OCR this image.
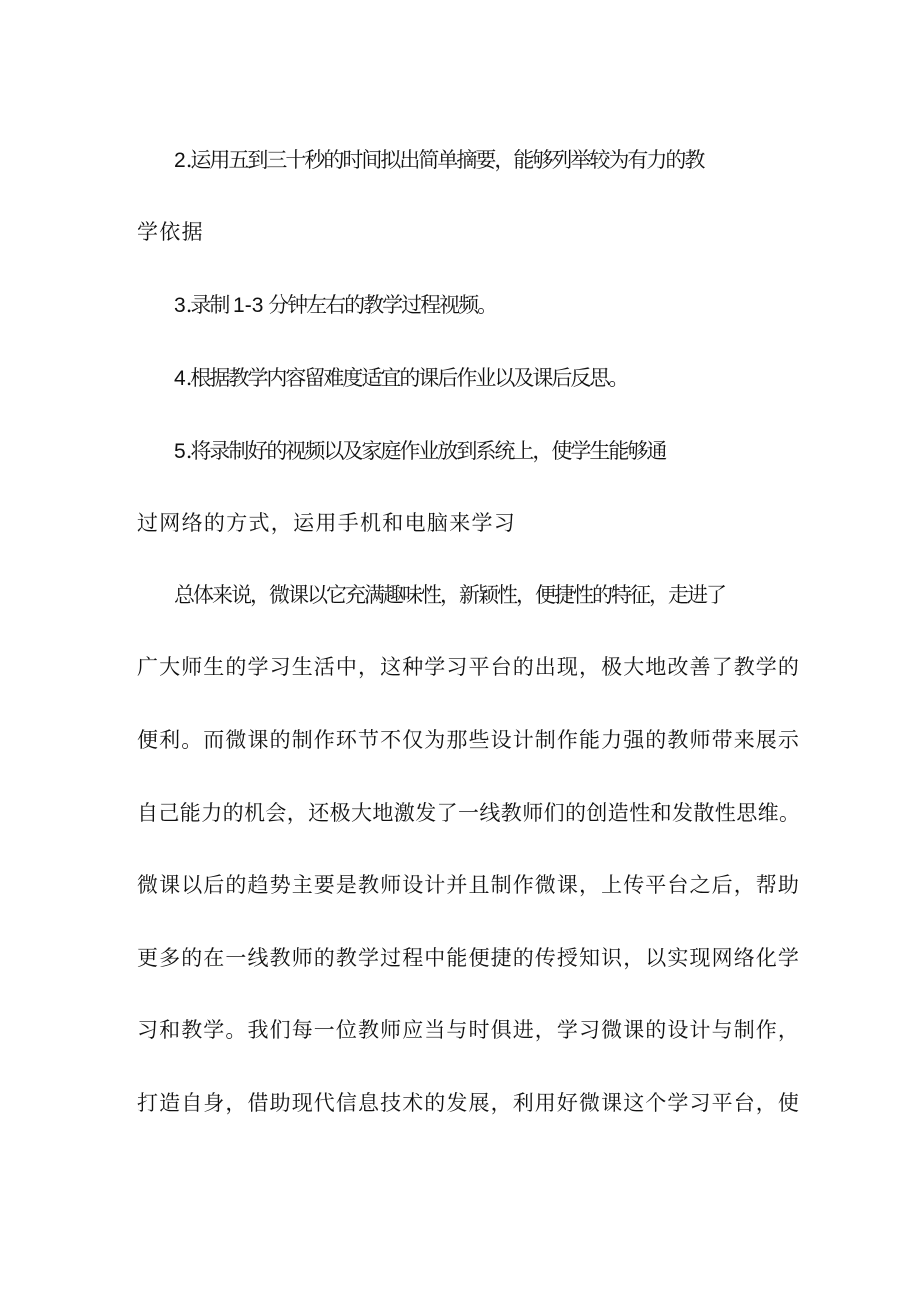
2.运用五到三十秒的时间拟出简单摘要，能够列举较为有力的教

学依据

3.录制 1-3 分钟左右的教学过程视频。

4.根据教学内容留难度适宜的课后作业以及课后反思。

5.将录制好的视频以及家庭作业放到系统上，使学生能够通

过网络的方式，运用手机和电脑来学习

总体来说，微课以它充满趣味性，新颖性，便捷性的特征，走进了

广大师生的学习生活中，这种学习平台的出现，极大地改善了教学的

便利。而微课的制作环节不仅为那些设计制作能力强的教师带来展示

自己能力的机会，还极大地激发了一线教师们的创造性和发散性思维。

微课以后的趋势主要是教师设计并且制作微课，上传平台之后，帮助

更多的在一线教师的教学过程中能便捷的传授知识，以实现网络化学

习和教学。我们每一位教师应当与时俱进，学习微课的设计与制作，

打造自身，借助现代信息技术的发展，利用好微课这个学习平台，使
